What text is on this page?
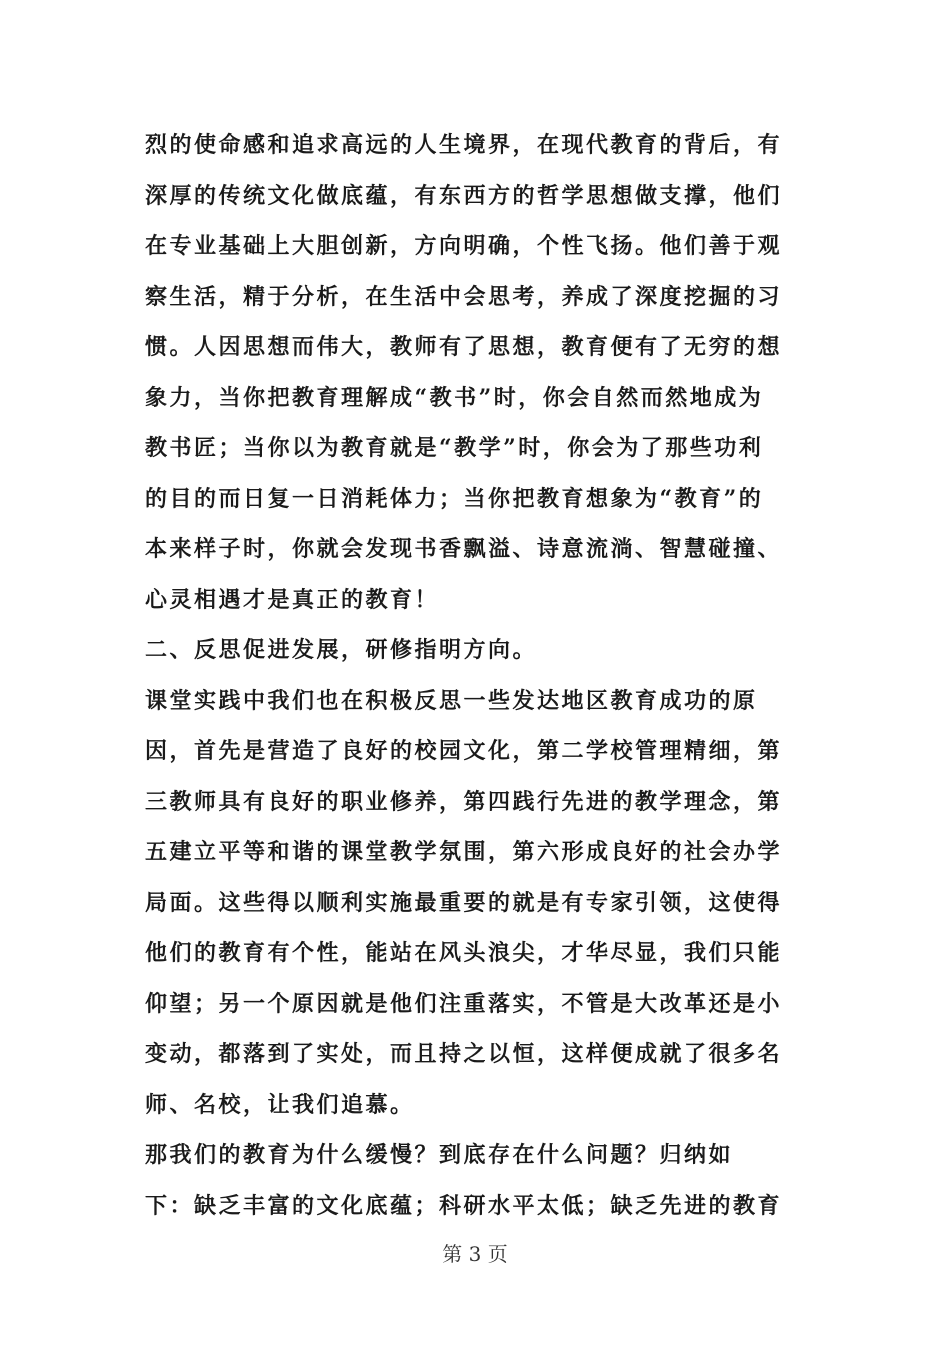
烈的使命感和追求高远的人生境界，在现代教育的背后，有
深厚的传统文化做底蕴，有东西方的哲学思想做支撑，他们
在专业基础上大胆创新，方向明确，个性飞扬。他们善于观
察生活，精于分析，在生活中会思考，养成了深度挖掘的习
惯。人因思想而伟大，教师有了思想，教育便有了无穷的想
象力，当你把教育理解成“教书”时，你会自然而然地成为
教书匠；当你以为教育就是“教学”时，你会为了那些功利
的目的而日复一日消耗体力；当你把教育想象为“教育”的
本来样子时，你就会发现书香飘溢、诗意流淌、智慧碰撞、
心灵相遇才是真正的教育！
二、反思促进发展，研修指明方向。
课堂实践中我们也在积极反思一些发达地区教育成功的原
因，首先是营造了良好的校园文化，第二学校管理精细，第
三教师具有良好的职业修养，第四践行先进的教学理念，第
五建立平等和谐的课堂教学氛围，第六形成良好的社会办学
局面。这些得以顺利实施最重要的就是有专家引领，这使得
他们的教育有个性，能站在风头浪尖，才华尽显，我们只能
仰望；另一个原因就是他们注重落实，不管是大改革还是小
变动，都落到了实处，而且持之以恒，这样便成就了很多名
师、名校，让我们追慕。
那我们的教育为什么缓慢？到底存在什么问题？归纳如
下：缺乏丰富的文化底蕴；科研水平太低；缺乏先进的教育
第 3 页
